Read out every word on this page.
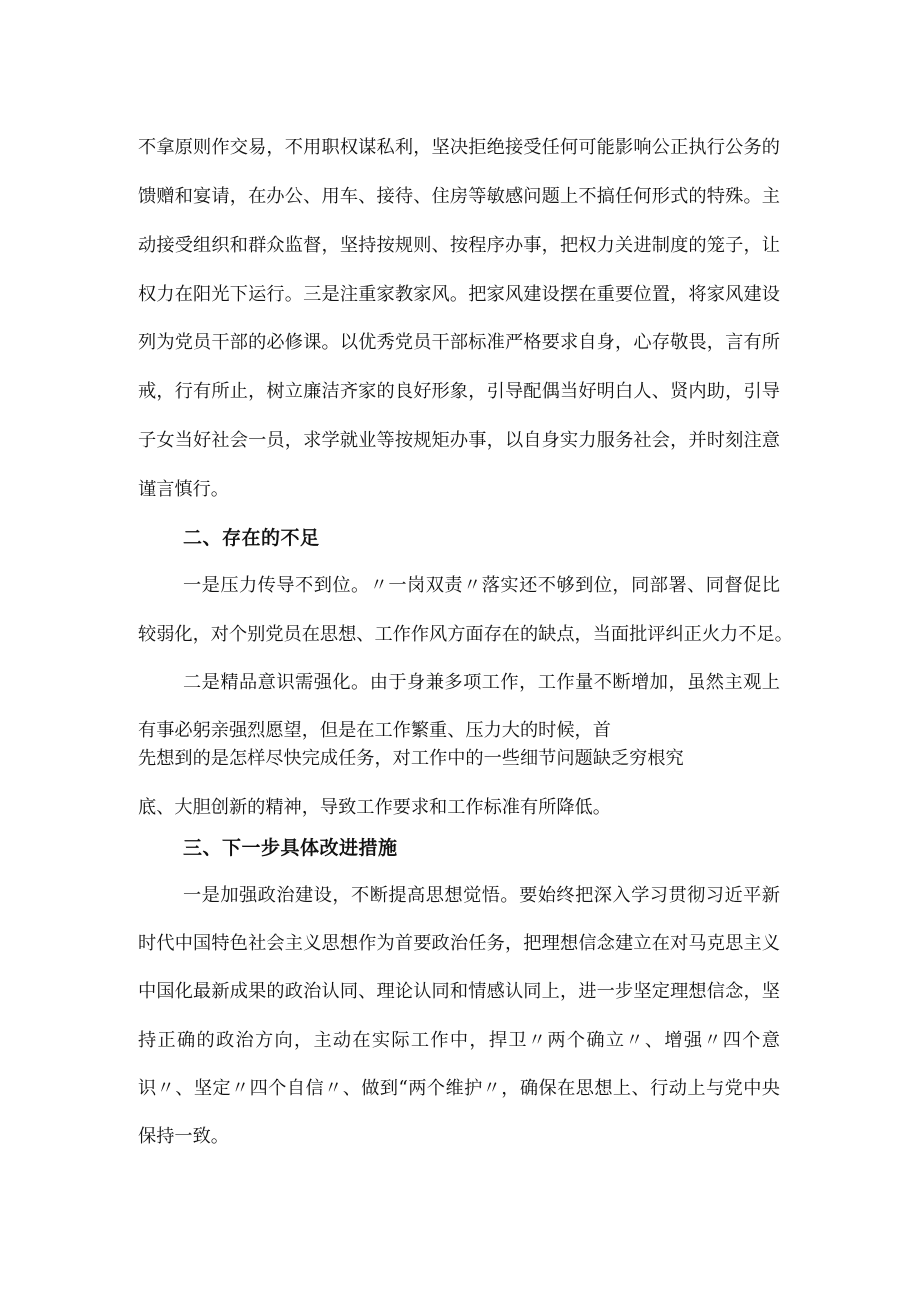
不拿原则作交易，不用职权谋私利，坚决拒绝接受任何可能影响公正执行公务的
馈赠和宴请，在办公、用车、接待、住房等敏感问题上不搞任何形式的特殊。主
动接受组织和群众监督，坚持按规则、按程序办事，把权力关进制度的笼子，让
权力在阳光下运行。三是注重家教家风。把家风建设摆在重要位置，将家风建设
列为党员干部的必修课。以优秀党员干部标准严格要求自身，心存敬畏，言有所
戒，行有所止，树立廉洁齐家的良好形象，引导配偶当好明白人、贤内助，引导
子女当好社会一员，求学就业等按规矩办事，以自身实力服务社会，并时刻注意
谨言慎行。
二、存在的不足
一是压力传导不到位。〃一岗双责〃落实还不够到位，同部署、同督促比
较弱化，对个别党员在思想、工作作风方面存在的缺点，当面批评纠正火力不足。
二是精品意识需强化。由于身兼多项工作，工作量不断增加，虽然主观上
有事必躬亲强烈愿望，但是在工作繁重、压力大的时候，首
先想到的是怎样尽快完成任务，对工作中的一些细节问题缺乏穷根究
底、大胆创新的精神，导致工作要求和工作标准有所降低。
三、下一步具体改进措施
一是加强政治建设，不断提高思想觉悟。要始终把深入学习贯彻习近平新
时代中国特色社会主义思想作为首要政治任务，把理想信念建立在对马克思主义
中国化最新成果的政治认同、理论认同和情感认同上，进一步坚定理想信念，坚
持正确的政治方向，主动在实际工作中，捍卫〃两个确立〃、增强〃四个意
识〃、坚定〃四个自信〃、做到“两个维护〃，确保在思想上、行动上与党中央
保持一致。
